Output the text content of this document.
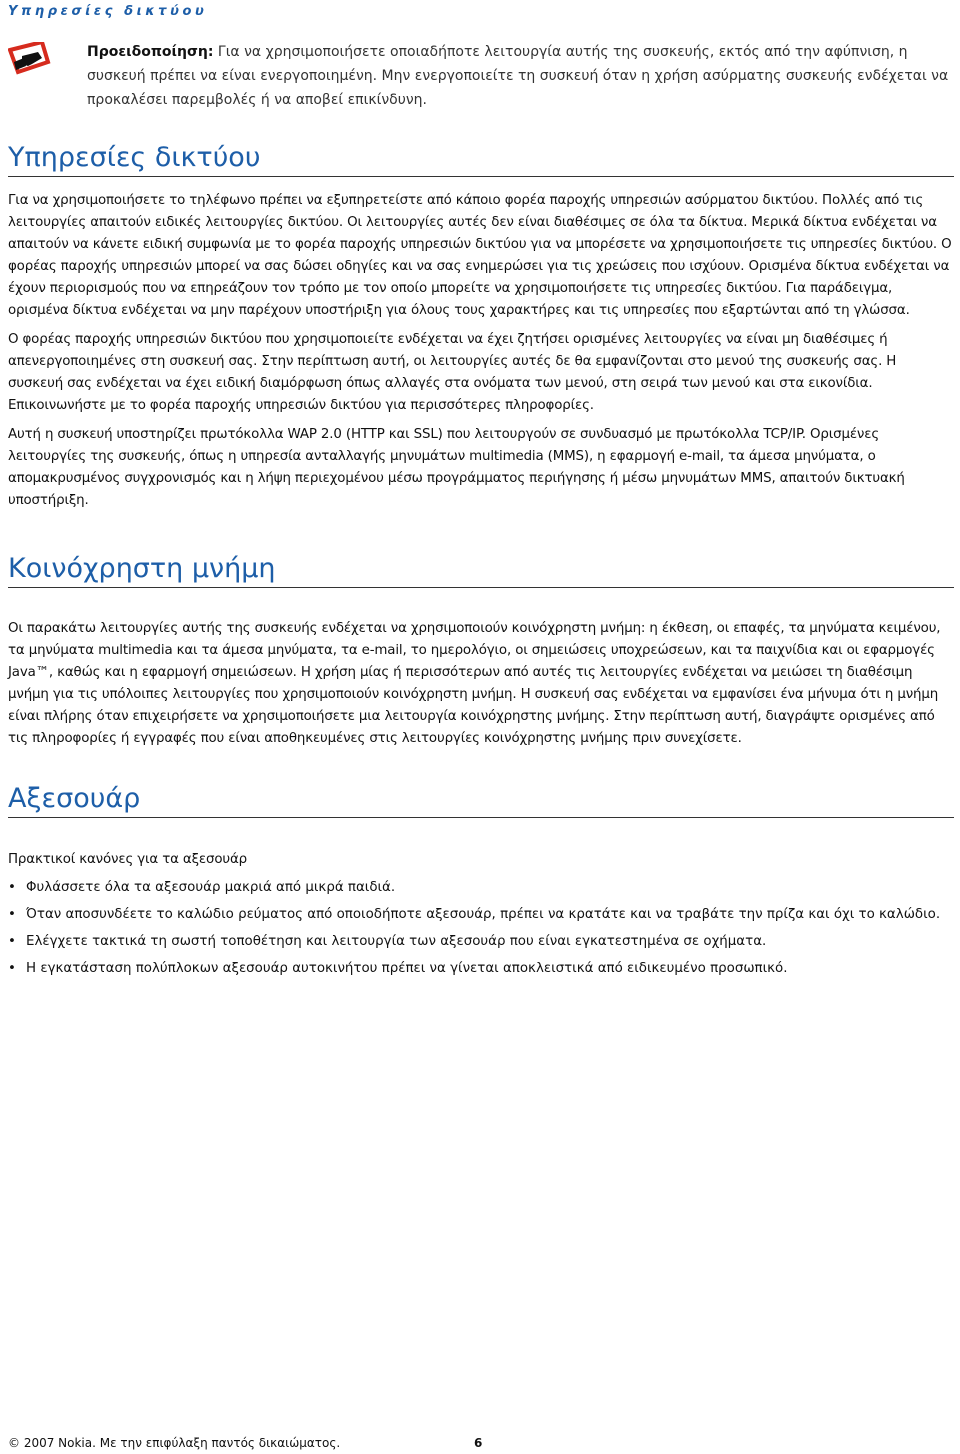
Υπηρεσίες δικτύου
Προειδοποίηση: Για να χρησιμοποιήσετε οποιαδήποτε λειτουργία αυτής της συσκευής, εκτός από την αφύπνιση, η συσκευή πρέπει να είναι ενεργοποιημένη. Μην ενεργοποιείτε τη συσκευή όταν η χρήση ασύρματης συσκευής ενδέχεται να προκαλέσει παρεμβολές ή να αποβεί επικίνδυνη.
Υπηρεσίες δικτύου

Για να χρησιμοποιήσετε το τηλέφωνο πρέπει να εξυπηρετείστε από κάποιο φορέα παροχής υπηρεσιών ασύρματου δικτύου. Πολλές από τις λειτουργίες απαιτούν ειδικές λειτουργίες δικτύου. Οι λειτουργίες αυτές δεν είναι διαθέσιμες σε όλα τα δίκτυα. Μερικά δίκτυα ενδέχεται να απαιτούν να κάνετε ειδική συμφωνία με το φορέα παροχής υπηρεσιών δικτύου για να μπορέσετε να χρησιμοποιήσετε τις υπηρεσίες δικτύου. Ο φορέας παροχής υπηρεσιών μπορεί να σας δώσει οδηγίες και να σας ενημερώσει για τις χρεώσεις που ισχύουν. Ορισμένα δίκτυα ενδέχεται να έχουν περιορισμούς που να επηρεάζουν τον τρόπο με τον οποίο μπορείτε να χρησιμοποιήσετε τις υπηρεσίες δικτύου. Για παράδειγμα, ορισμένα δίκτυα ενδέχεται να μην παρέχουν υποστήριξη για όλους τους χαρακτήρες και τις υπηρεσίες που εξαρτώνται από τη γλώσσα.

Ο φορέας παροχής υπηρεσιών δικτύου που χρησιμοποιείτε ενδέχεται να έχει ζητήσει ορισμένες λειτουργίες να είναι μη διαθέσιμες ή απενεργοποιημένες στη συσκευή σας. Στην περίπτωση αυτή, οι λειτουργίες αυτές δε θα εμφανίζονται στο μενού της συσκευής σας. Η συσκευή σας ενδέχεται να έχει ειδική διαμόρφωση όπως αλλαγές στα ονόματα των μενού, στη σειρά των μενού και στα εικονίδια. Επικοινωνήστε με το φορέα παροχής υπηρεσιών δικτύου για περισσότερες πληροφορίες.

Αυτή η συσκευή υποστηρίζει πρωτόκολλα WAP 2.0 (HTTP και SSL) που λειτουργούν σε συνδυασμό με πρωτόκολλα TCP/IP. Ορισμένες λειτουργίες της συσκευής, όπως η υπηρεσία ανταλλαγής μηνυμάτων multimedia (MMS), η εφαρμογή e-mail, τα άμεσα μηνύματα, ο απομακρυσμένος συγχρονισμός και η λήψη περιεχομένου μέσω προγράμματος περιήγησης ή μέσω μηνυμάτων MMS, απαιτούν δικτυακή υποστήριξη.

Κοινόχρηστη μνήμη

Οι παρακάτω λειτουργίες αυτής της συσκευής ενδέχεται να χρησιμοποιούν κοινόχρηστη μνήμη: η έκθεση, οι επαφές, τα μηνύματα κειμένου, τα μηνύματα multimedia και τα άμεσα μηνύματα, τα e-mail, το ημερολόγιο, οι σημειώσεις υποχρεώσεων, και τα παιχνίδια και οι εφαρμογές Java™, καθώς και η εφαρμογή σημειώσεων. Η χρήση μίας ή περισσότερων από αυτές τις λειτουργίες ενδέχεται να μειώσει τη διαθέσιμη μνήμη για τις υπόλοιπες λειτουργίες που χρησιμοποιούν κοινόχρηστη μνήμη. Η συσκευή σας ενδέχεται να εμφανίσει ένα μήνυμα ότι η μνήμη είναι πλήρης όταν επιχειρήσετε να χρησιμοποιήσετε μια λειτουργία κοινόχρηστης μνήμης. Στην περίπτωση αυτή, διαγράψτε ορισμένες από τις πληροφορίες ή εγγραφές που είναι αποθηκευμένες στις λειτουργίες κοινόχρηστης μνήμης πριν συνεχίσετε.

Αξεσουάρ

Πρακτικοί κανόνες για τα αξεσουάρ

• Φυλάσσετε όλα τα αξεσουάρ μακριά από μικρά παιδιά.
• Όταν αποσυνδέετε το καλώδιο ρεύματος από οποιοδήποτε αξεσουάρ, πρέπει να κρατάτε και να τραβάτε την πρίζα και όχι το καλώδιο.
• Ελέγχετε τακτικά τη σωστή τοποθέτηση και λειτουργία των αξεσουάρ που είναι εγκατεστημένα σε οχήματα.
• Η εγκατάσταση πολύπλοκων αξεσουάρ αυτοκινήτου πρέπει να γίνεται αποκλειστικά από ειδικευμένο προσωπικό.
© 2007 Nokia. Με την επιφύλαξη παντός δικαιώματος.	6
